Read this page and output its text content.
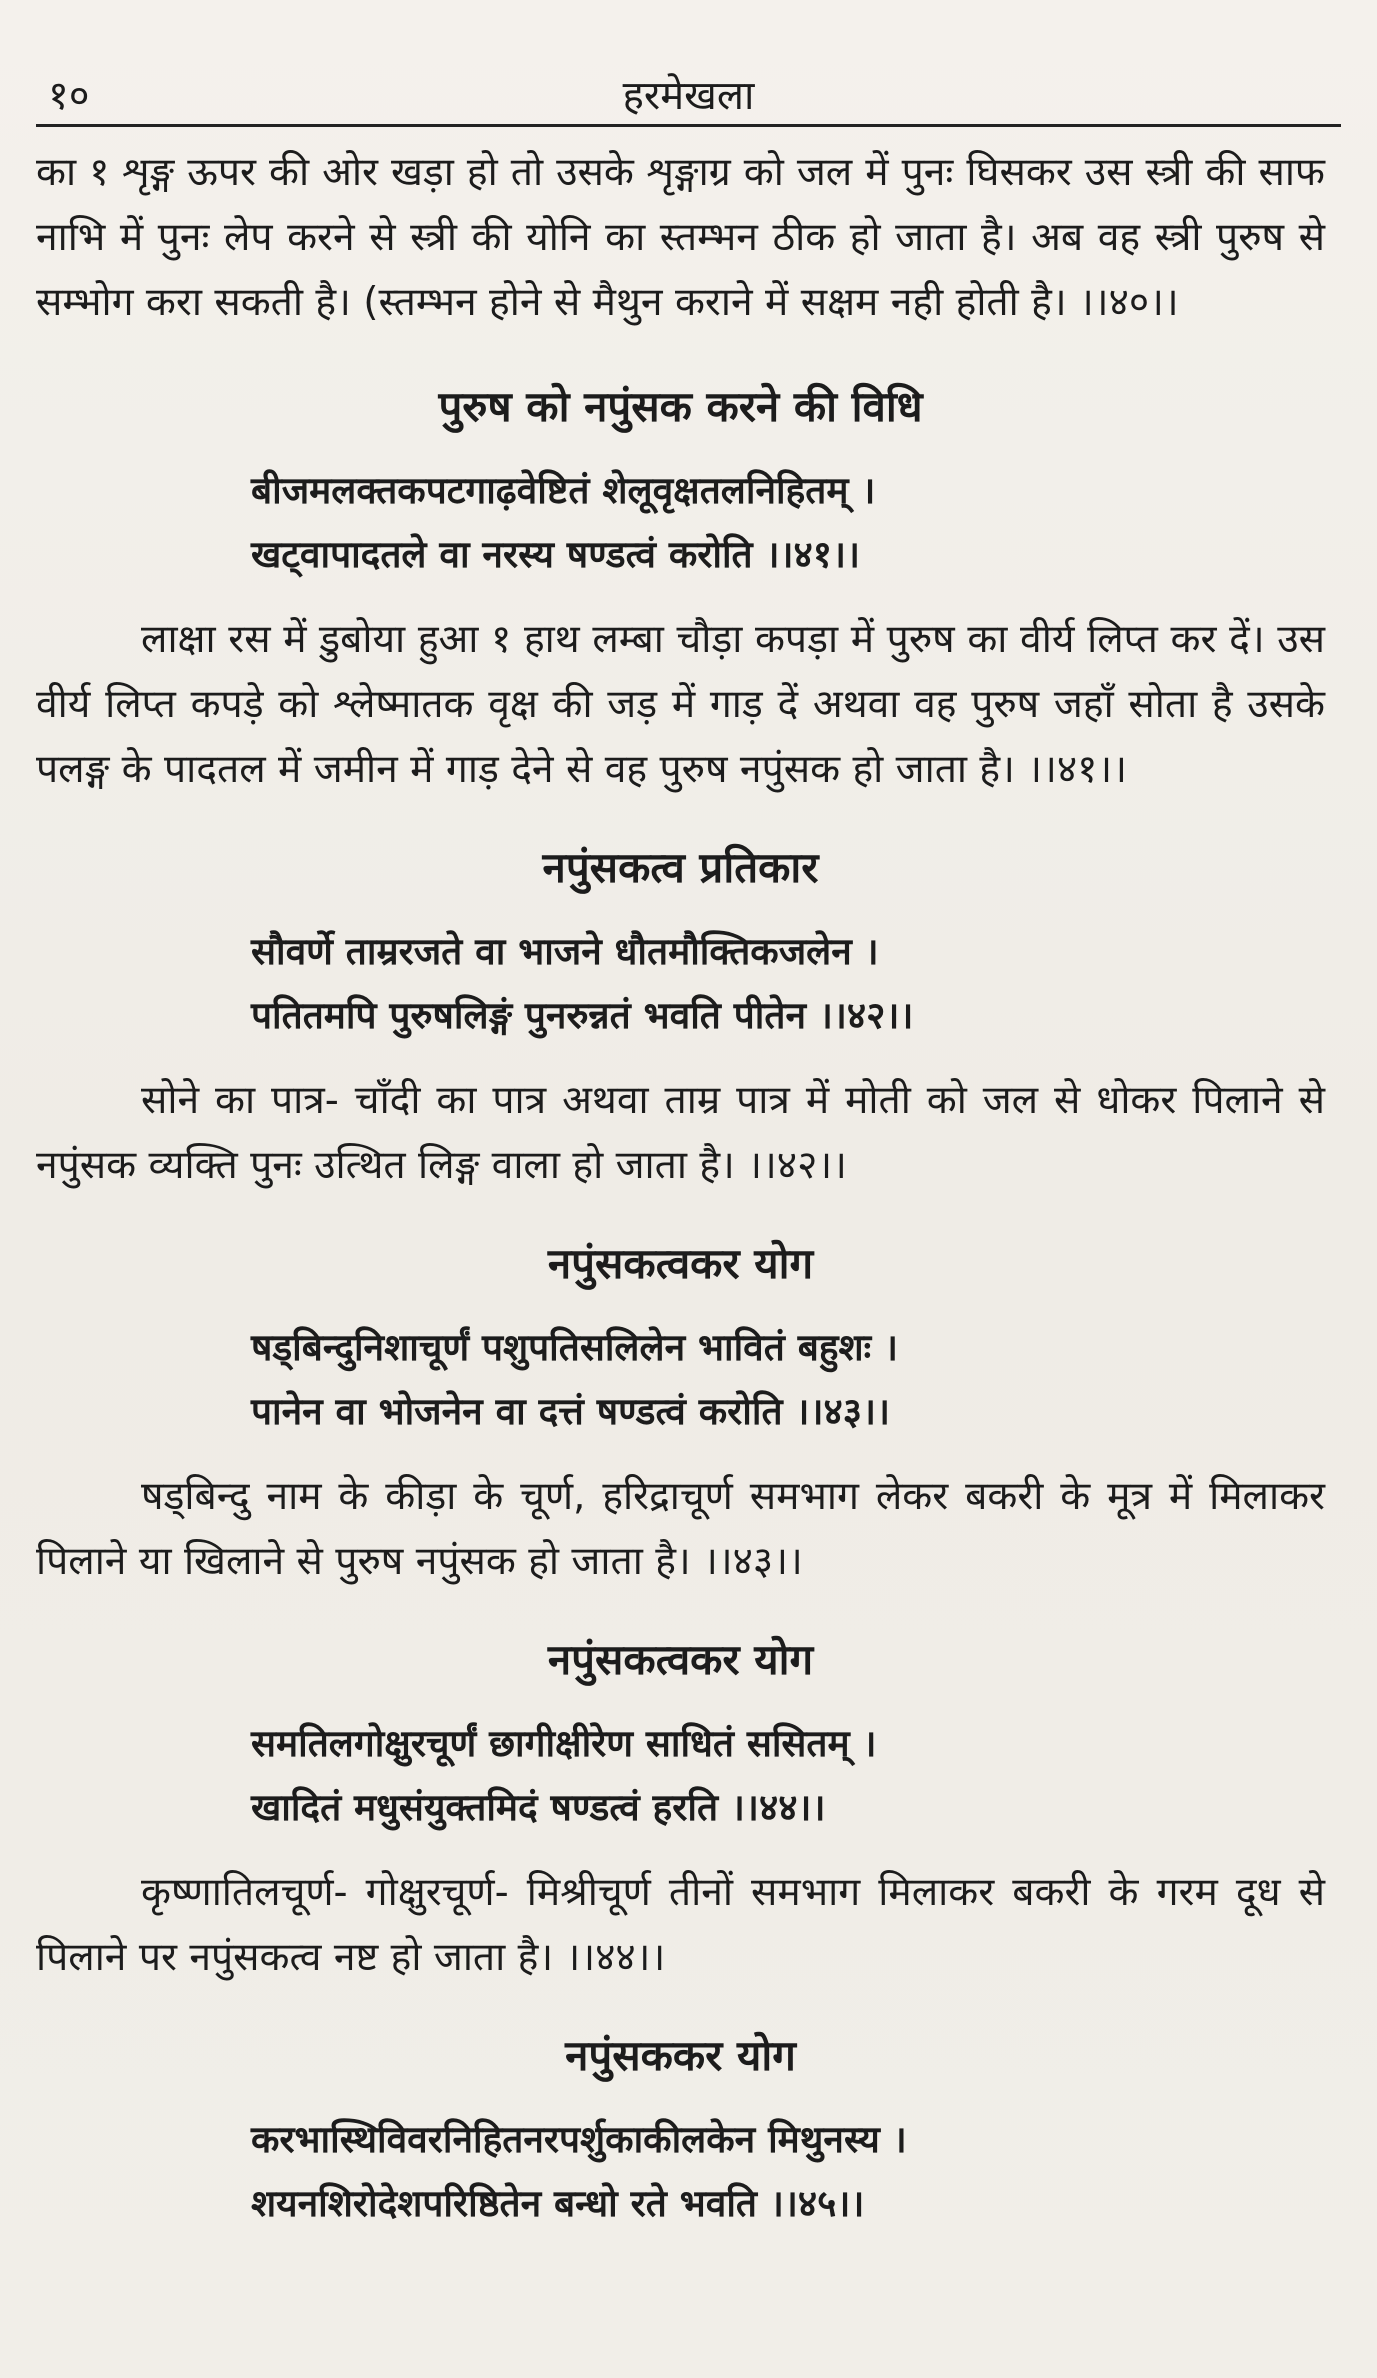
१०	हरमेखला

का १ शृङ्ग ऊपर की ओर खड़ा हो तो उसके शृङ्गाग्र को जल में पुनः घिसकर उस स्त्री की साफ नाभि में पुनः लेप करने से स्त्री की योनि का स्तम्भन ठीक हो जाता है। अब वह स्त्री पुरुष से सम्भोग करा सकती है। (स्तम्भन होने से मैथुन कराने में सक्षम नही होती है। ।।४०।।

पुरुष को नपुंसक करने की विधि
बीजमलक्तकपटगाढ़वेष्टितं शेलूवृक्षतलनिहितम् ।
खट्वापादतले वा नरस्य षण्डत्वं करोति ।।४१।।

लाक्षा रस में डुबोया हुआ १ हाथ लम्बा चौड़ा कपड़ा में पुरुष का वीर्य लिप्त कर दें। उस वीर्य लिप्त कपड़े को श्लेष्मातक वृक्ष की जड़ में गाड़ दें अथवा वह पुरुष जहाँ सोता है उसके पलङ्ग के पादतल में जमीन में गाड़ देने से वह पुरुष नपुंसक हो जाता है। ।।४१।।

नपुंसकत्व प्रतिकार
सौवर्णे ताम्ररजते वा भाजने धौतमौक्तिकजलेन ।
पतितमपि पुरुषलिङ्गं पुनरुन्नतं भवति पीतेन ।।४२।।

सोने का पात्र- चाँदी का पात्र अथवा ताम्र पात्र में मोती को जल से धोकर पिलाने से नपुंसक व्यक्ति पुनः उत्थित लिङ्ग वाला हो जाता है। ।।४२।।

नपुंसकत्वकर योग
षड्बिन्दुनिशाचूर्णं पशुपतिसलिलेन भावितं बहुशः ।
पानेन वा भोजनेन वा दत्तं षण्डत्वं करोति ।।४३।।

षड्बिन्दु नाम के कीड़ा के चूर्ण, हरिद्राचूर्ण समभाग लेकर बकरी के मूत्र में मिलाकर पिलाने या खिलाने से पुरुष नपुंसक हो जाता है। ।।४३।।

नपुंसकत्वकर योग
समतिलगोक्षुरचूर्णं छागीक्षीरेण साधितं ससितम् ।
खादितं मधुसंयुक्तमिदं षण्डत्वं हरति ।।४४।।

कृष्णातिलचूर्ण- गोक्षुरचूर्ण- मिश्रीचूर्ण तीनों समभाग मिलाकर बकरी के गरम दूध से पिलाने पर नपुंसकत्व नष्ट हो जाता है। ।।४४।।

नपुंसककर योग
करभास्थिविवरनिहितनरपर्शुकाकीलकेन मिथुनस्य ।
शयनशिरोदेशपरिष्ठितेन बन्धो रते भवति ।।४५।।
